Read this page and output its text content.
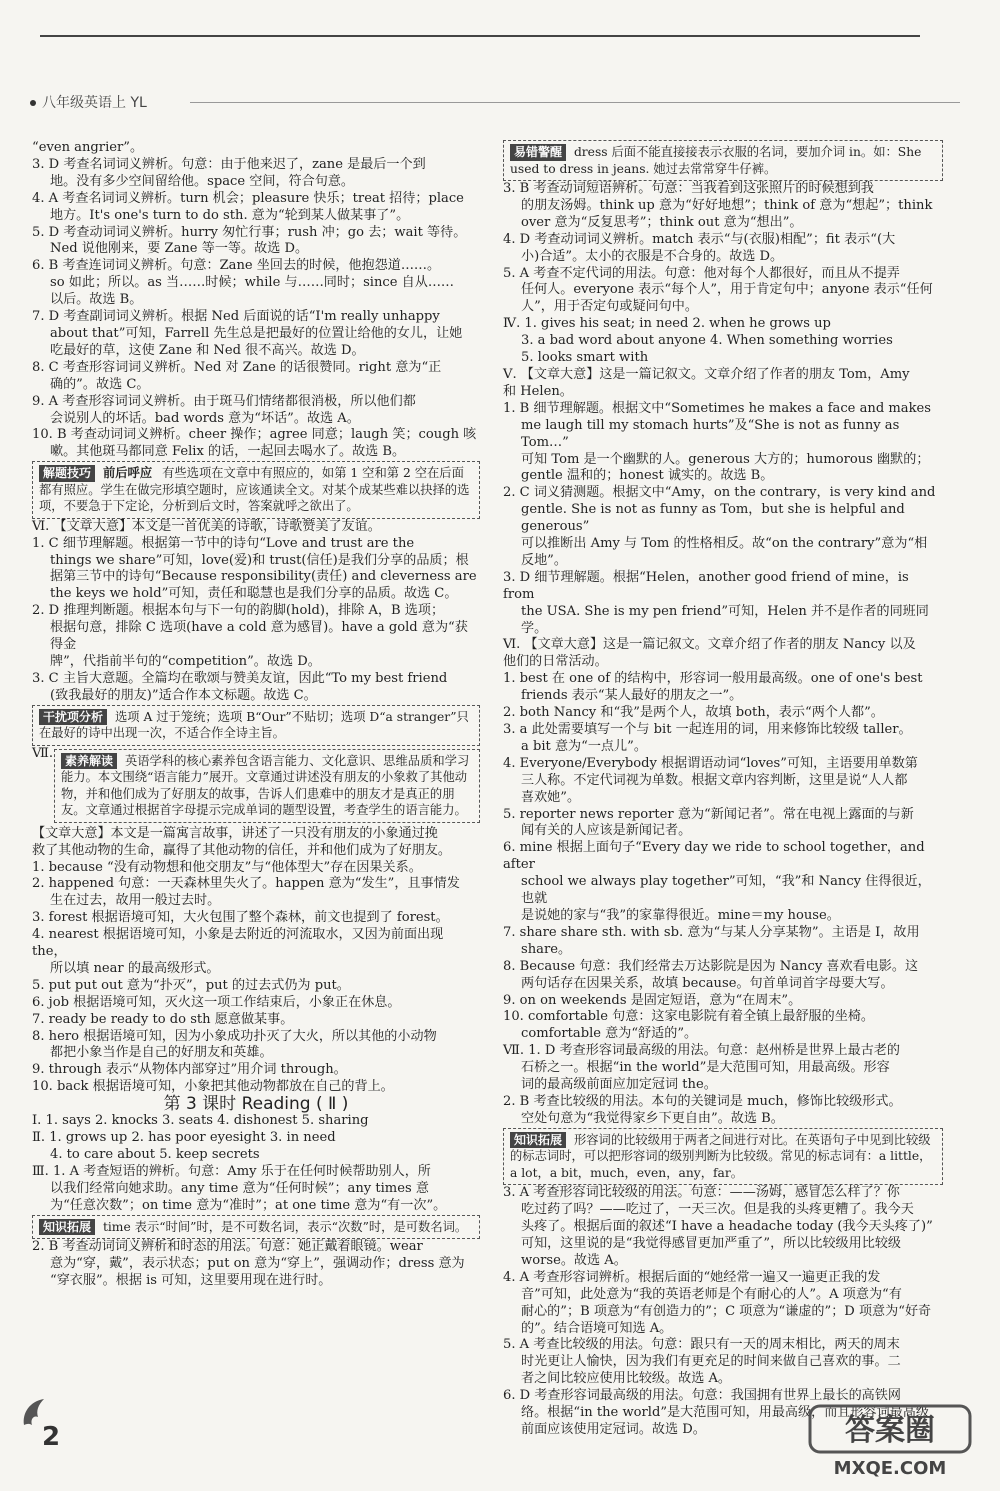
八年级英语上 YL
“even angrier”。
3. D 考查名词词义辨析。句意：由于他来迟了，zane 是最后一个到
地。没有多少空间留给他。space 空间，符合句意。
4. A 考查名词词义辨析。turn 机会；pleasure 快乐；treat 招待；place
地方。It's one's turn to do sth. 意为“轮到某人做某事了”。
5. D 考查动词词义辨析。hurry 匆忙行事；rush 冲；go 去；wait 等待。
Ned 说他刚来，要 Zane 等一等。故选 D。
6. B 考查连词词义辨析。句意：Zane 坐回去的时候，他抱怨道……。
so 如此；所以。as 当……时候；while 与……同时；since 自从……
以后。故选 B。
7. D 考查副词词义辨析。根据 Ned 后面说的话“I'm really unhappy
about that”可知，Farrell 先生总是把最好的位置让给他的女儿，让她
吃最好的草，这使 Zane 和 Ned 很不高兴。故选 D。
8. C 考查形容词词义辨析。Ned 对 Zane 的话很赞同。right 意为“正
确的”。故选 C。
9. A 考查形容词词义辨析。由于斑马们情绪都很消极，所以他们都
会说别人的坏话。bad words 意为“坏话”。故选 A。
10. B 考查动词词义辨析。cheer 操作；agree 同意；laugh 笑；cough 咳
嗽。其他斑马都同意 Felix 的话，一起回去喝水了。故选 B。
解题技巧 前后呼应 有些选项在文章中有照应的，如第 1 空和第 2 空在后面都有照应。学生在做完形填空题时，应该通读全文。对某个成某些难以抉择的选项，不要急于下定论，分析到后文时，答案就呼之欲出了。
Ⅵ. 【文章大意】本文是一首优美的诗歌，诗歌赞美了友谊。
1. C 细节理解题。根据第一节中的诗句“Love and trust are the
things we share”可知，love(爱)和 trust(信任)是我们分享的品质；根
据第三节中的诗句“Because responsibility(责任) and cleverness are
the keys we hold”可知，责任和聪慧也是我们分享的品质。故选 C。
2. D 推理判断题。根据本句与下一句的韵脚(hold)，排除 A，B 选项；
根据句意，排除 C 选项(have a cold 意为感冒)。have a gold 意为“获得金
牌”，代指前半句的“competition”。故选 D。
3. C 主旨大意题。全篇均在歌颂与赞美友谊，因此“To my best friend
(致我最好的朋友)”适合作本文标题。故选 C。
干扰项分析 选项 A 过于笼统；选项 B“Our”不贴切；选项 D“a stranger”只在最好的诗中出现一次，不适合作全诗主旨。
Ⅶ. 素养解读 英语学科的核心素养包含语言能力、文化意识、思维品质和学习能力。本文围绕“语言能力”展开。文章通过讲述没有朋友的小象救了其他动物，并和他们成为了好朋友的故事，告诉人们患难中的朋友才是真正的朋友。文章通过根据首字母提示完成单词的题型设置，考查学生的语言能力。
【文章大意】本文是一篇寓言故事，讲述了一只没有朋友的小象通过挽
救了其他动物的生命，赢得了其他动物的信任，并和他们成为了好朋友。
1. because “没有动物想和他交朋友”与“他体型大”存在因果关系。
2. happened 句意：一天森林里失火了。happen 意为“发生”，且事情发
生在过去，故用一般过去时。
3. forest 根据语境可知，大火包围了整个森林，前文也提到了 forest。
4. nearest 根据语境可知，小象是去附近的河流取水，又因为前面出现 the，
所以填 near 的最高级形式。
5. put put out 意为“扑灭”，put 的过去式仍为 put。
6. job 根据语境可知，灭火这一项工作结束后，小象正在休息。
7. ready be ready to do sth 愿意做某事。
8. hero 根据语境可知，因为小象成功扑灭了大火，所以其他的小动物
都把小象当作是自己的好朋友和英雄。
9. through 表示“从物体内部穿过”用介词 through。
10. back 根据语境可知，小象把其他动物都放在自己的背上。
第 3 课时 Reading ( Ⅱ )
Ⅰ. 1. says 2. knocks 3. seats 4. dishonest 5. sharing
Ⅱ. 1. grows up 2. has poor eyesight 3. in need
4. to care about 5. keep secrets
Ⅲ. 1. A 考查短语的辨析。句意：Amy 乐于在任何时候帮助别人，所
以我们经常向她求助。any time 意为“任何时候”；any times 意
为“任意次数”；on time 意为“准时”；at one time 意为“有一次”。
知识拓展 time 表示“时间”时，是不可数名词，表示“次数”时，是可数名词。
2. B 考查动词词义辨析和时态的用法。句意：她正戴着眼镜。wear
意为“穿，戴”，表示状态；put on 意为“穿上”，强调动作；dress 意为
“穿衣服”。根据 is 可知，这里要用现在进行时。
易错警醒 dress 后面不能直接接表示衣服的名词，要加介词 in。如：She used to dress in jeans. 她过去常常穿牛仔裤。
3. B 考查动词短语辨析。句意：当我看到这张照片的时候想到我
的朋友汤姆。think up 意为“好好地想”；think of 意为“想起”；think
over 意为“反复思考”；think out 意为“想出”。
4. D 考查动词词义辨析。match 表示“与(衣服)相配”；fit 表示“(大
小)合适”。太小的衣服是不合身的。故选 D。
5. A 考查不定代词的用法。句意：他对每个人都很好，而且从不提弄
任何人。everyone 表示“每个人”，用于肯定句中；anyone 表示“任何
人”，用于否定句或疑问句中。
Ⅳ. 1. gives his seat; in need 2. when he grows up
3. a bad word about anyone 4. When something worries
5. looks smart with
Ⅴ. 【文章大意】这是一篇记叙文。文章介绍了作者的朋友 Tom，Amy
和 Helen。
1. B 细节理解题。根据文中“Sometimes he makes a face and makes
me laugh till my stomach hurts”及“She is not as funny as Tom…”
可知 Tom 是一个幽默的人。generous 大方的；humorous 幽默的；
gentle 温和的；honest 诚实的。故选 B。
2. C 词义猜测题。根据文中“Amy，on the contrary，is very kind and
gentle. She is not as funny as Tom，but she is helpful and generous”
可以推断出 Amy 与 Tom 的性格相反。故“on the contrary”意为“相
反地”。
3. D 细节理解题。根据“Helen，another good friend of mine，is from
the USA. She is my pen friend”可知，Helen 并不是作者的同班同学。
Ⅵ. 【文章大意】这是一篇记叙文。文章介绍了作者的朋友 Nancy 以及
他们的日常活动。
1. best 在 one of 的结构中，形容词一般用最高级。one of one's best
friends 表示“某人最好的朋友之一”。
2. both Nancy 和“我”是两个人，故填 both，表示“两个人都”。
3. a 此处需要填写一个与 bit 一起连用的词，用来修饰比较级 taller。
a bit 意为“一点儿”。
4. Everyone/Everybody 根据谓语动词“loves”可知，主语要用单数第
三人称。不定代词视为单数。根据文章内容判断，这里是说“人人都
喜欢她”。
5. reporter news reporter 意为“新闻记者”。常在电视上露面的与新
闻有关的人应该是新闻记者。
6. mine 根据上面句子“Every day we ride to school together，and after
school we always play together”可知，“我”和 Nancy 住得很近，也就
是说她的家与“我”的家靠得很近。mine＝my house。
7. share share sth. with sb. 意为“与某人分享某物”。主语是 I，故用
share。
8. Because 句意：我们经常去万达影院是因为 Nancy 喜欢看电影。这
两句话存在因果关系，故填 because。句首单词首字母要大写。
9. on on weekends 是固定短语，意为“在周末”。
10. comfortable 句意：这家电影院有着全镇上最舒服的坐椅。
comfortable 意为“舒适的”。
Ⅶ. 1. D 考查形容词最高级的用法。句意：赵州桥是世界上最古老的
石桥之一。根据“in the world”是大范围可知，用最高级。形容
词的最高级前面应加定冠词 the。
2. B 考查比较级的用法。本句的关键词是 much，修饰比较级形式。
空处句意为“我觉得家乡下更自由”。故选 B。
知识拓展 形容词的比较级用于两者之间进行对比。在英语句子中见到比较级的标志词时，可以把形容词的级别判断为比较级。常见的标志词有：a little，a lot，a bit，much，even，any，far。
3. A 考查形容词比较级的用法。句意：——汤姆，感冒怎么样了？你
吃过药了吗？——吃过了，一天三次。但是我的头疼更糟了。我今天
头疼了。根据后面的叙述“I have a headache today (我今天头疼了)”
可知，这里说的是“我觉得感冒更加严重了”，所以比较级用比较级
worse。故选 A。
4. A 考查形容词辨析。根据后面的“她经常一遍又一遍更正我的发
音”可知，此处意为“我的英语老师是个有耐心的人”。A 项意为“有
耐心的”；B 项意为“有创造力的”；C 项意为“谦虚的”；D 项意为“好奇
的”。结合语境可知选 A。
5. A 考查比较级的用法。句意：跟只有一天的周末相比，两天的周末
时光更让人愉快，因为我们有更充足的时间来做自己喜欢的事。二
者之间比较应使用比较级。故选 A。
6. D 考查形容词最高级的用法。句意：我国拥有世界上最长的高铁网
络。根据“in the world”是大范围可知，用最高级，而且形容词最高级
前面应该使用定冠词。故选 D。
2	答案圈
MXQE.COM
